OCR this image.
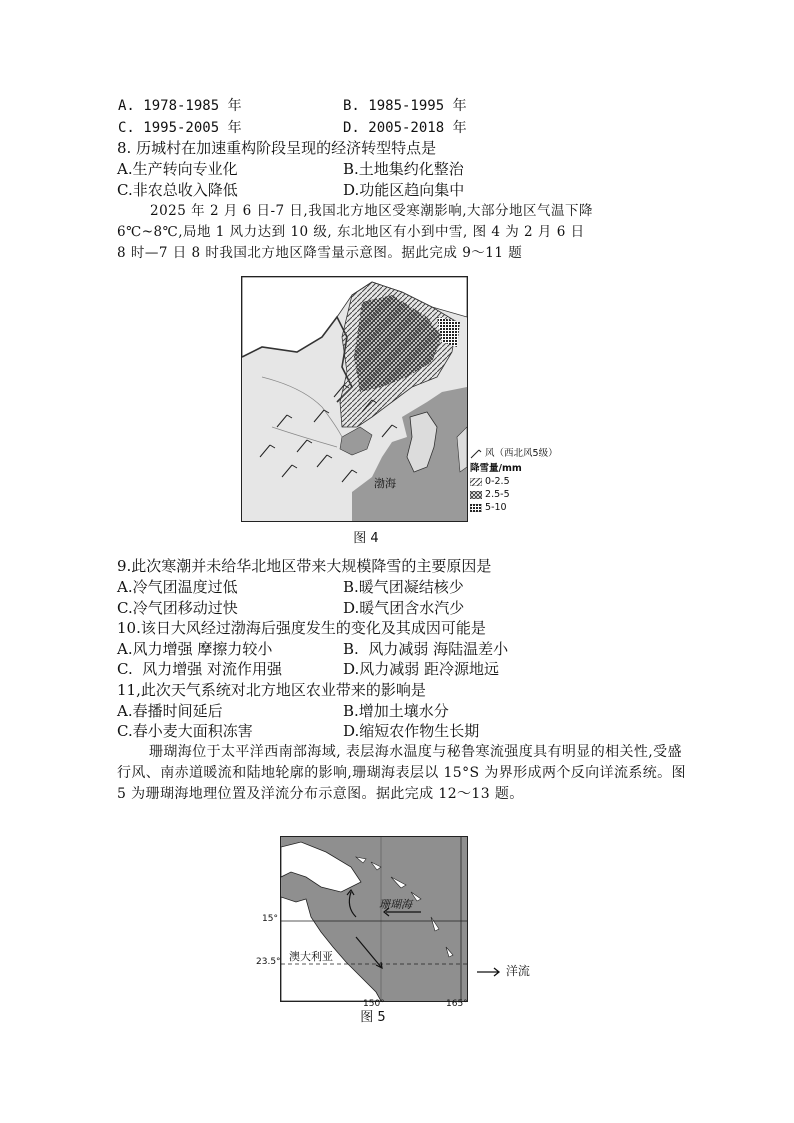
A. 1978-1985 年	B. 1985-1995 年
C. 1995-2005 年	D. 2005-2018 年
8. 历城村在加速重构阶段呈现的经济转型特点是
A.生产转向专业化	B.土地集约化整治
C.非农总收入降低	D.功能区趋向集中
2025 年 2 月 6 日-7 日,我国北方地区受寒潮影响,大部分地区气温下降
6℃~8℃,局地 1 风力达到 10 级, 东北地区有小到中雪, 图 4 为 2 月 6 日
8 时—7 日 8 时我国北方地区降雪量示意图。据此完成 9～11 题
渤海
风（西北风5级）
降雪量/mm
0-2.5
2.5-5
5-10
图 4
9.此次寒潮并未给华北地区带来大规模降雪的主要原因是
A.冷气团温度过低	B.暖气团凝结核少
C.冷气团移动过快	D.暖气团含水汽少
10.该日大风经过渤海后强度发生的变化及其成因可能是
A.风力增强 摩擦力较小	B.  风力减弱 海陆温差小
C.  风力增强 对流作用强	D.风力减弱 距冷源地远
11,此次天气系统对北方地区农业带来的影响是
A.春播时间延后	B.增加土壤水分
C.春小麦大面积冻害	D.缩短农作物生长期
珊瑚海位于太平洋西南部海域, 表层海水温度与秘鲁寒流强度具有明显的相关性,受盛行风、南赤道暖流和陆地轮廓的影响,珊瑚海表层以 15°S 为界形成两个反向详流系统。图 5 为珊瑚海地理位置及洋流分布示意图。据此完成 12～13 题。
珊瑚海
澳大利亚
15°
23.5°
150°	165°
洋流
图 5
